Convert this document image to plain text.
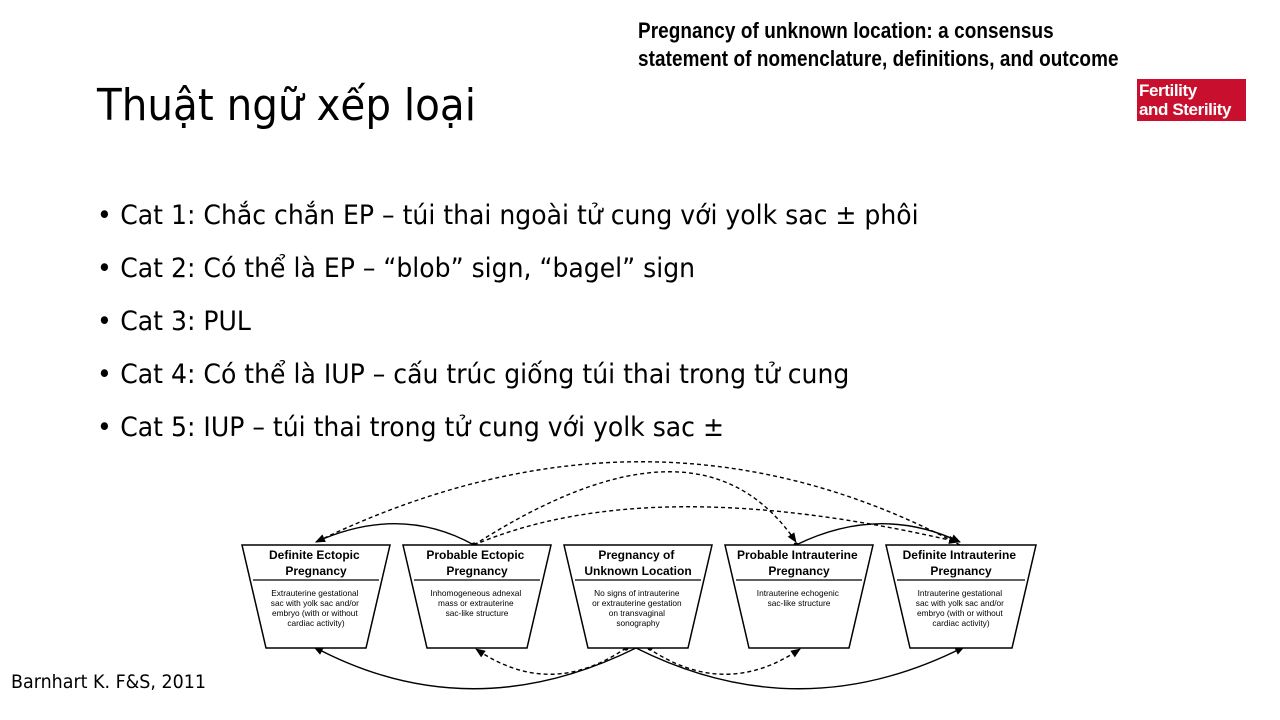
Pregnancy of unknown location: a consensus
statement of nomenclature, definitions, and outcome
Fertility
and Sterility
Thuật ngữ xếp loại
• Cat 1: Chắc chắn EP – túi thai ngoài tử cung với yolk sac ± phôi
• Cat 2: Có thể là EP – “blob” sign, “bagel” sign
• Cat 3: PUL
• Cat 4: Có thể là IUP – cấu trúc giống túi thai trong tử cung
• Cat 5: IUP – túi thai trong tử cung với yolk sac ±
Definite Ectopic Pregnancy
Extrauterine gestational sac with yolk sac and/or embryo (with or without cardiac activity)
Probable Ectopic Pregnancy
Inhomogeneous adnexal mass or extrauterine sac-like structure
Pregnancy of Unknown Location
No signs of intrauterine or extrauterine gestation on transvaginal sonography
Probable Intrauterine Pregnancy
Intrauterine echogenic sac-like structure
Definite Intrauterine Pregnancy
Intrauterine gestational sac with yolk sac and/or embryo (with or without cardiac activity)
Barnhart K. F&S, 2011
